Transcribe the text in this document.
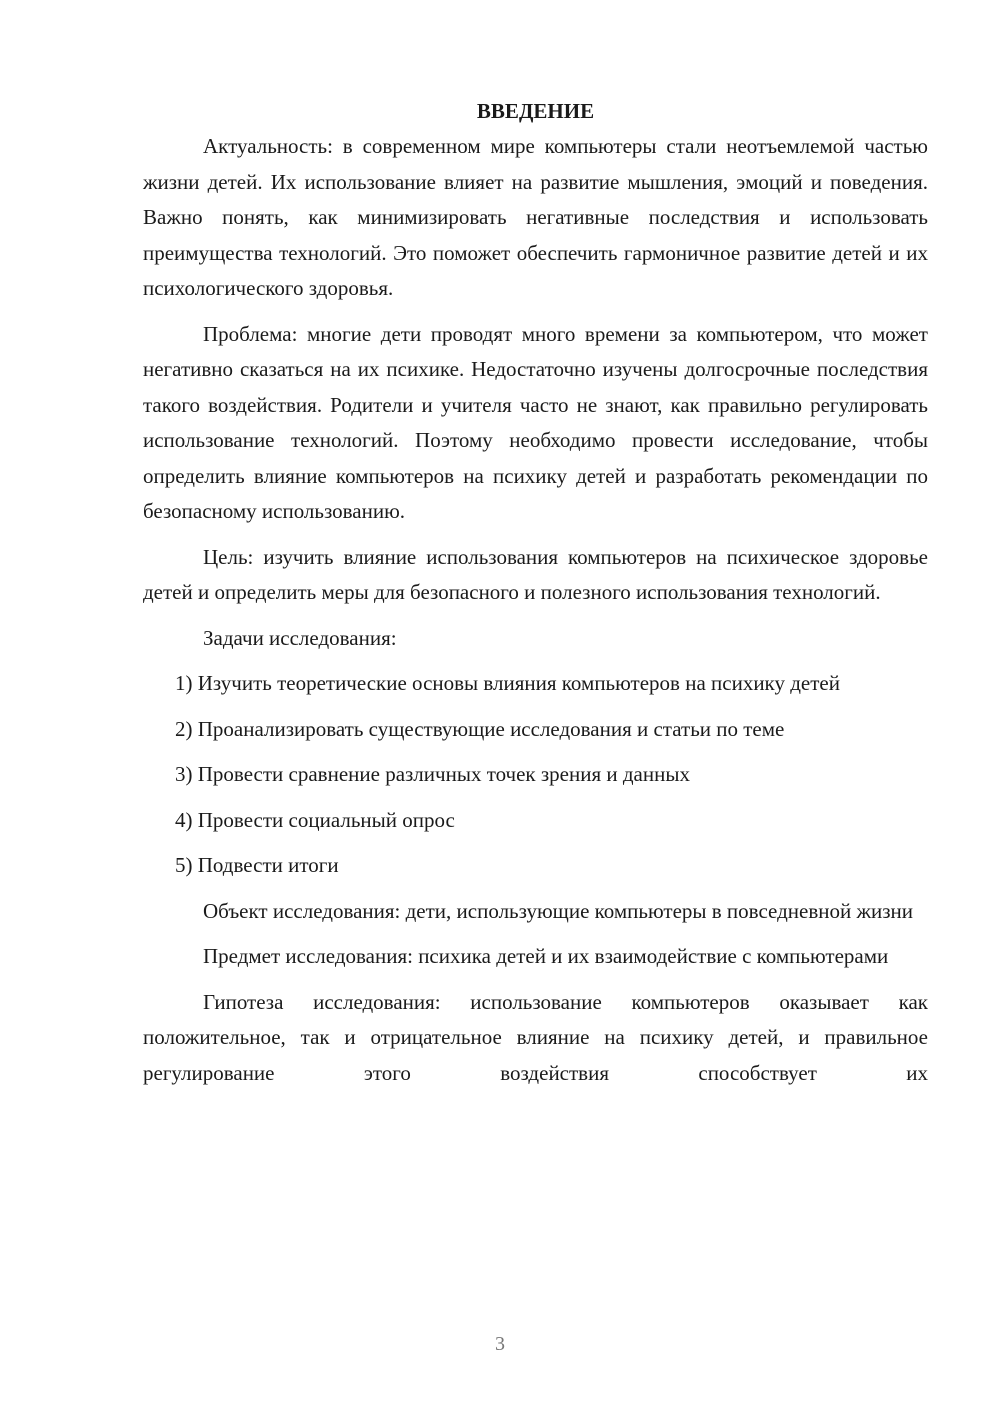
ВВЕДЕНИЕ

Актуальность: в современном мире компьютеры стали неотъемлемой частью жизни детей. Их использование влияет на развитие мышления, эмоций и поведения. Важно понять, как минимизировать негативные последствия и использовать преимущества технологий. Это поможет обеспечить гармоничное развитие детей и их психологического здоровья.

Проблема: многие дети проводят много времени за компьютером, что может негативно сказаться на их психике. Недостаточно изучены долгосрочные последствия такого воздействия. Родители и учителя часто не знают, как правильно регулировать использование технологий. Поэтому необходимо провести исследование, чтобы определить влияние компьютеров на психику детей и разработать рекомендации по безопасному использованию.

Цель: изучить влияние использования компьютеров на психическое здоровье детей и определить меры для безопасного и полезного использования технологий.

Задачи исследования:

1) Изучить теоретические основы влияния компьютеров на психику детей

2) Проанализировать существующие исследования и статьи по теме

3) Провести сравнение различных точек зрения и данных

4) Провести социальный опрос

5) Подвести итоги

Объект исследования: дети, использующие компьютеры в повседневной жизни

Предмет исследования: психика детей и их взаимодействие с компьютерами

Гипотеза исследования: использование компьютеров оказывает как положительное, так и отрицательное влияние на психику детей, и правильное регулирование этого воздействия способствует их

3
